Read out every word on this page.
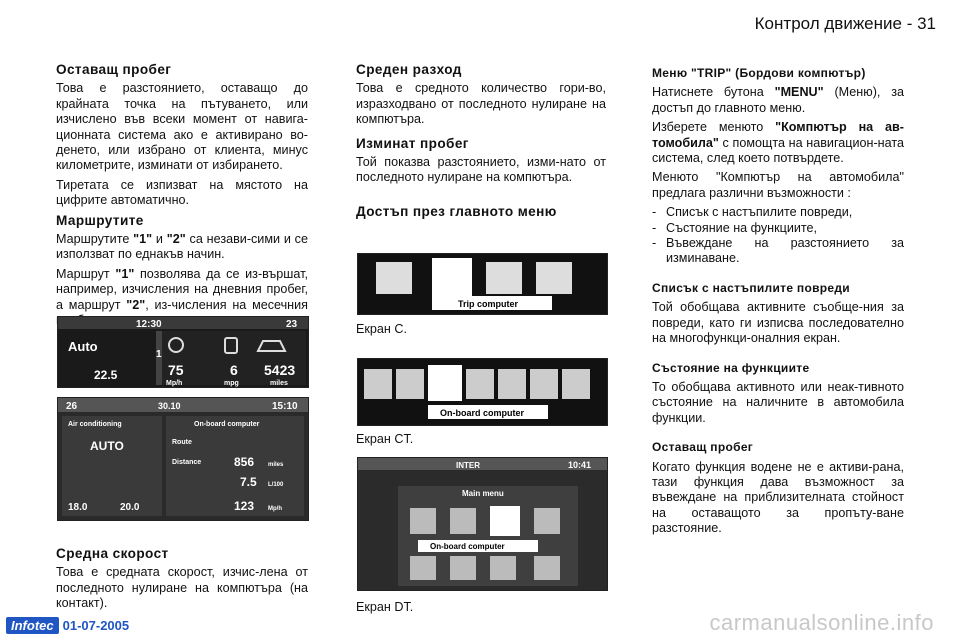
Контрол движение - 31
Оставащ пробег

Това е разстоянието, оставащо до крайната точка на пътуването, или изчислено във всеки момент от навига-ционната система ако е активирано во-денето, или избрано от клиента, минус километрите, изминати от избирането.

Тиретата се изпизват на мястото на цифрите автоматично.

Маршрутите

Маршрутите "1" и "2" са незави-сими и се използват по еднакъв начин.

Маршрут "1" позволява да се из-вършат, например, изчисления на дневния пробег, а маршрут "2", из-числения на месечния

Средна скорост

Това е средната скорост, изчис-лена от последното нулиране на компютъра (на контакт).

12:30	23
Auto
22.5
1
75
Mp/h
6
mpg
5423
miles
26	30.10	15:10
Air conditioning
AUTO
18.0	20.0
On-board computer
Route
Distance	856 miles
7.5 L/100
123 Mp/h
Среден разход

Това е средното количество гори-во, изразходвано от последното нулиране на компютъра.

Изминат пробег

Той показва разстоянието, изми-нато от последното нулиране на компютъра.

Достъп през главното меню
Trip computer
Екран C.
On-board computer
Екран CT.
INTER	10:41
Main menu
On-board computer
Екран DT.
Меню "TRIP" (Бордови компютър)

Натиснете бутона "MENU" (Меню), за достъп до главното меню.

Изберете менюто "Компютър на ав-томобила" с помощта на навигацион-ната система, след което потвърдете.

Менюто "Компютър на автомобила" предлага различни възможности :

- Списък с настъпилите повреди,
- Състояние на функциите,
- Въвеждане на разстоянието за изминаване.
Списък с настъпилите повреди

Той обобщава активните съобще-ния за повреди, като ги изписва последователно на многофункци-оналния екран.

Състояние на функциите

То обобщава активното или неак-тивното състояние на наличните в автомобила функции.

Оставащ пробег

Когато функция водене не е активи-рана, тази функция дава възможност за въвеждане на приблизителната стойност на оставащото за пропъту-ване разстояние.

Infotec 01-07-2005	carmanualsonline.info
